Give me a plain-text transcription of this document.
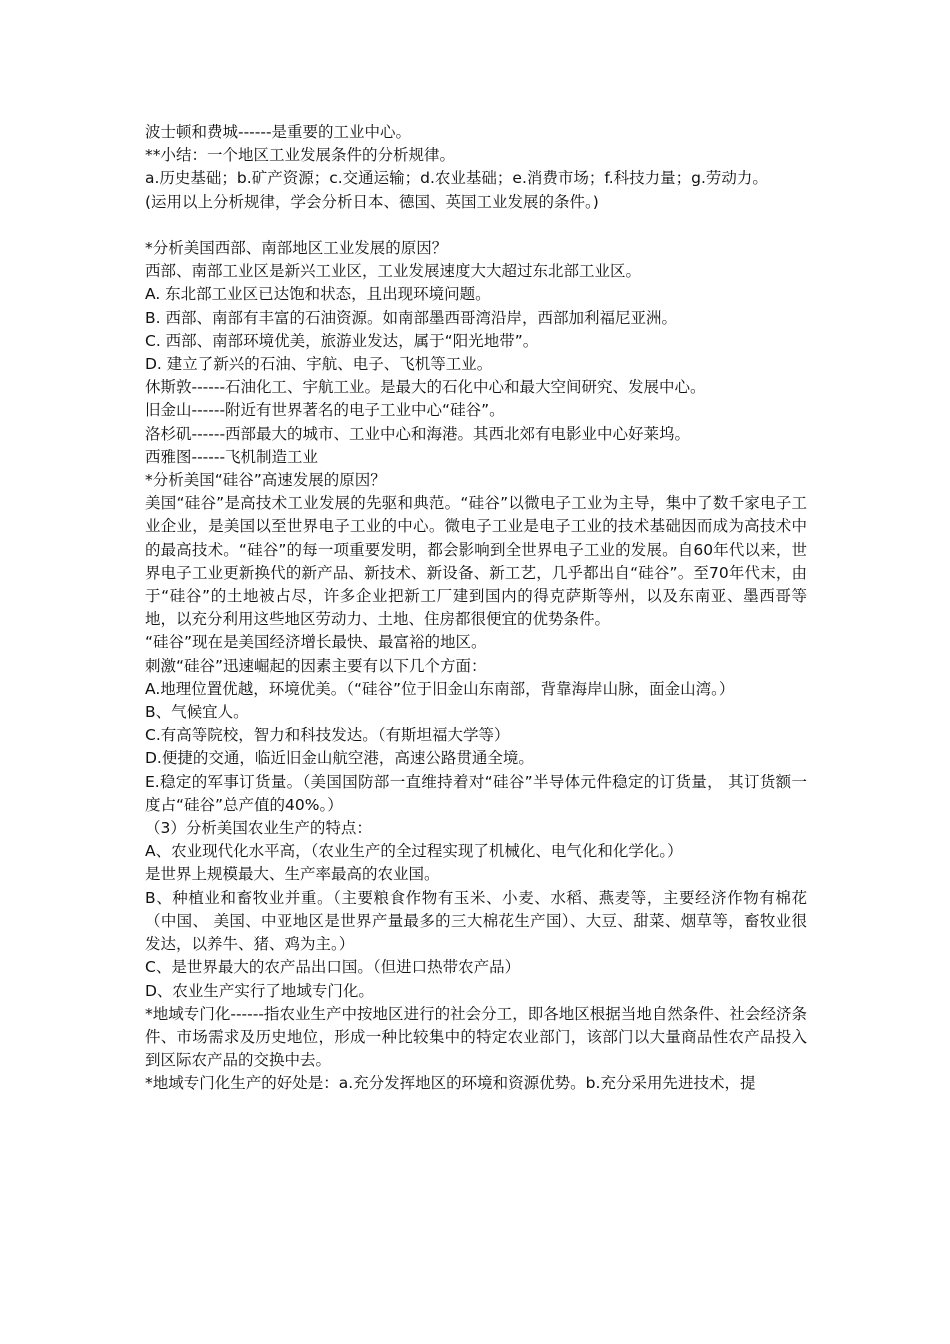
波士顿和费城------是重要的工业中心。

**小结：一个地区工业发展条件的分析规律。

a.历史基础；b.矿产资源；c.交通运输；d.农业基础；e.消费市场；f.科技力量；g.劳动力。

(运用以上分析规律，学会分析日本、德国、英国工业发展的条件。)

*分析美国西部、南部地区工业发展的原因？

西部、南部工业区是新兴工业区，工业发展速度大大超过东北部工业区。

A. 东北部工业区已达饱和状态，且出现环境问题。

B. 西部、南部有丰富的石油资源。如南部墨西哥湾沿岸，西部加利福尼亚洲。

C. 西部、南部环境优美，旅游业发达，属于“阳光地带”。

D. 建立了新兴的石油、宇航、电子、飞机等工业。

休斯敦------石油化工、宇航工业。是最大的石化中心和最大空间研究、发展中心。

旧金山------附近有世界著名的电子工业中心“硅谷”。

洛杉矶------西部最大的城市、工业中心和海港。其西北郊有电影业中心好莱坞。

西雅图------飞机制造工业

*分析美国“硅谷”高速发展的原因？

美国“硅谷”是高技术工业发展的先驱和典范。“硅谷”以微电子工业为主导，集中了数千家电子工业企业，是美国以至世界电子工业的中心。微电子工业是电子工业的技术基础因而成为高技术中的最高技术。“硅谷”的每一项重要发明，都会影响到全世界电子工业的发展。自60年代以来，世界电子工业更新换代的新产品、新技术、新设备、新工艺，几乎都出自“硅谷”。至70年代末，由于“硅谷”的土地被占尽，许多企业把新工厂建到国内的得克萨斯等州，以及东南亚、墨西哥等地，以充分利用这些地区劳动力、土地、住房都很便宜的优势条件。

“硅谷”现在是美国经济增长最快、最富裕的地区。

刺激“硅谷”迅速崛起的因素主要有以下几个方面：

A.地理位置优越，环境优美。（“硅谷”位于旧金山东南部，背靠海岸山脉，面金山湾。）

B、气候宜人。

C.有高等院校，智力和科技发达。（有斯坦福大学等）

D.便捷的交通，临近旧金山航空港，高速公路贯通全境。

E.稳定的军事订货量。（美国国防部一直维持着对“硅谷”半导体元件稳定的订货量， 其订货额一度占“硅谷”总产值的40%。）

（3）分析美国农业生产的特点：

A、农业现代化水平高，（农业生产的全过程实现了机械化、电气化和化学化。）

是世界上规模最大、生产率最高的农业国。

B、种植业和畜牧业并重。（主要粮食作物有玉米、小麦、水稻、燕麦等，主要经济作物有棉花（中国、 美国、中亚地区是世界产量最多的三大棉花生产国）、大豆、甜菜、烟草等，畜牧业很发达，以养牛、猪、鸡为主。）

C、是世界最大的农产品出口国。（但进口热带农产品）

D、农业生产实行了地域专门化。

*地域专门化------指农业生产中按地区进行的社会分工，即各地区根据当地自然条件、社会经济条件、市场需求及历史地位，形成一种比较集中的特定农业部门，该部门以大量商品性农产品投入到区际农产品的交换中去。

*地域专门化生产的好处是：a.充分发挥地区的环境和资源优势。b.充分采用先进技术，提
